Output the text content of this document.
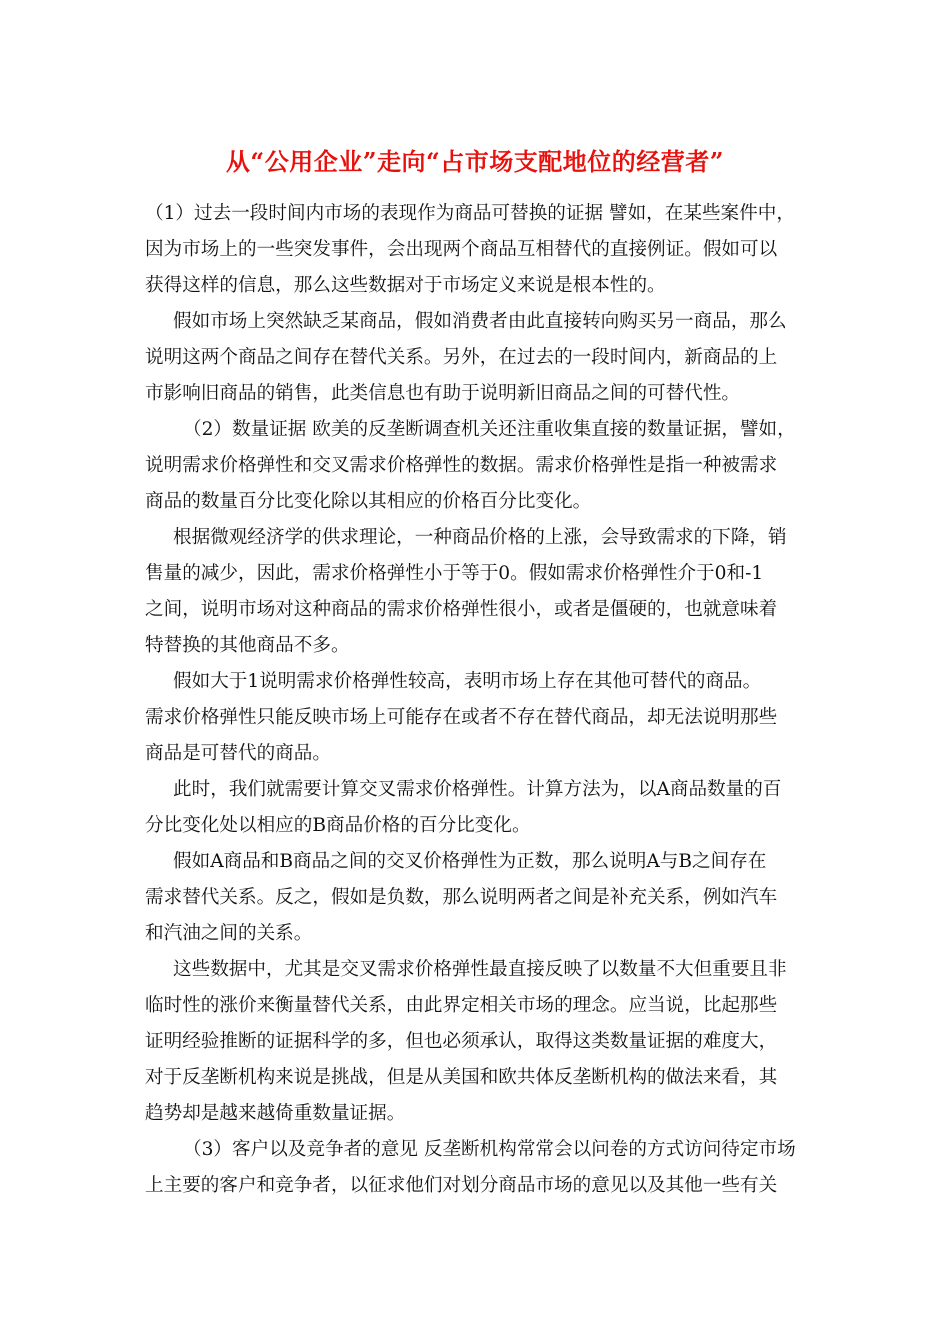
从“公用企业”走向“占市场支配地位的经营者”
（1）过去一段时间内市场的表现作为商品可替换的证据 譬如，在某些案件中，
因为市场上的一些突发事件，会出现两个商品互相替代的直接例证。假如可以
获得这样的信息，那么这些数据对于市场定义来说是根本性的。
假如市场上突然缺乏某商品，假如消费者由此直接转向购买另一商品，那么
说明这两个商品之间存在替代关系。另外，在过去的一段时间内，新商品的上
市影响旧商品的销售，此类信息也有助于说明新旧商品之间的可替代性。
（2）数量证据 欧美的反垄断调查机关还注重收集直接的数量证据，譬如，
说明需求价格弹性和交叉需求价格弹性的数据。需求价格弹性是指一种被需求
商品的数量百分比变化除以其相应的价格百分比变化。
根据微观经济学的供求理论，一种商品价格的上涨，会导致需求的下降，销
售量的减少，因此，需求价格弹性小于等于0。假如需求价格弹性介于0和-1
之间，说明市场对这种商品的需求价格弹性很小，或者是僵硬的，也就意味着
特替换的其他商品不多。
假如大于1说明需求价格弹性较高，表明市场上存在其他可替代的商品。
需求价格弹性只能反映市场上可能存在或者不存在替代商品，却无法说明那些
商品是可替代的商品。
此时，我们就需要计算交叉需求价格弹性。计算方法为，以A商品数量的百
分比变化处以相应的B商品价格的百分比变化。
假如A商品和B商品之间的交叉价格弹性为正数，那么说明A与B之间存在
需求替代关系。反之，假如是负数，那么说明两者之间是补充关系，例如汽车
和汽油之间的关系。
这些数据中，尤其是交叉需求价格弹性最直接反映了以数量不大但重要且非
临时性的涨价来衡量替代关系，由此界定相关市场的理念。应当说，比起那些
证明经验推断的证据科学的多，但也必须承认，取得这类数量证据的难度大，
对于反垄断机构来说是挑战，但是从美国和欧共体反垄断机构的做法来看，其
趋势却是越来越倚重数量证据。
（3）客户以及竞争者的意见 反垄断机构常常会以问卷的方式访问待定市场
上主要的客户和竞争者，以征求他们对划分商品市场的意见以及其他一些有关
